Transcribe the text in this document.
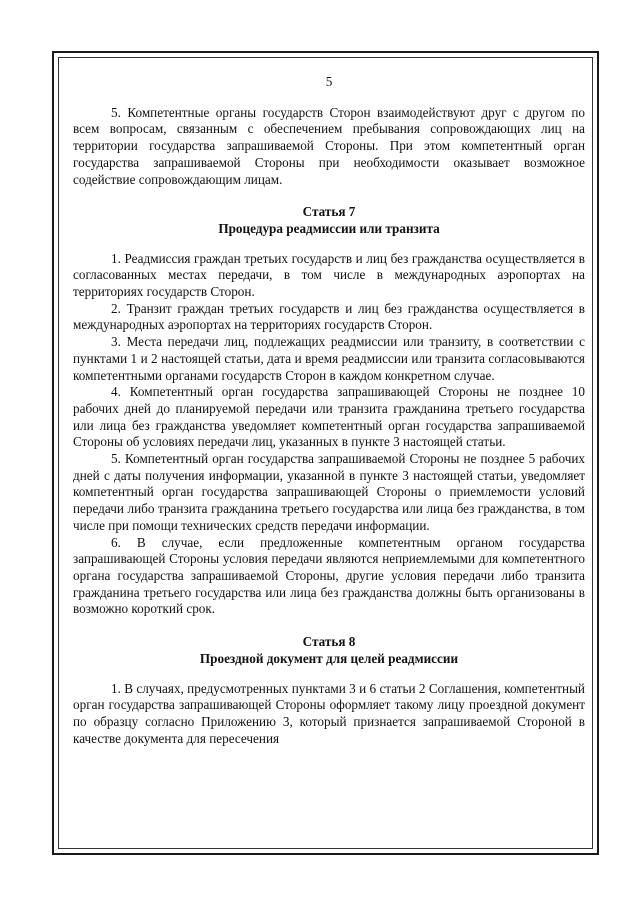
5

5. Компетентные органы государств Сторон взаимодействуют друг с другом по всем вопросам, связанным с обеспечением пребывания сопровождающих лиц на территории государства запрашиваемой Стороны. При этом компетентный орган государства запрашиваемой Стороны при необходимости оказывает возможное содействие сопровождающим лицам.

Статья 7

Процедура реадмиссии или транзита

1. Реадмиссия граждан третьих государств и лиц без гражданства осуществляется в согласованных местах передачи, в том числе в международных аэропортах на территориях государств Сторон.

2. Транзит граждан третьих государств и лиц без гражданства осуществляется в международных аэропортах на территориях государств Сторон.

3. Места передачи лиц, подлежащих реадмиссии или транзиту, в соответствии с пунктами 1 и 2 настоящей статьи, дата и время реадмиссии или транзита согласовываются компетентными органами государств Сторон в каждом конкретном случае.

4. Компетентный орган государства запрашивающей Стороны не позднее 10 рабочих дней до планируемой передачи или транзита гражданина третьего государства или лица без гражданства уведомляет компетентный орган государства запрашиваемой Стороны об условиях передачи лиц, указанных в пункте 3 настоящей статьи.

5. Компетентный орган государства запрашиваемой Стороны не позднее 5 рабочих дней с даты получения информации, указанной в пункте 3 настоящей статьи, уведомляет компетентный орган государства запрашивающей Стороны о приемлемости условий передачи либо транзита гражданина третьего государства или лица без гражданства, в том числе при помощи технических средств передачи информации.

6. В случае, если предложенные компетентным органом государства запрашивающей Стороны условия передачи являются неприемлемыми для компетентного органа государства запрашиваемой Стороны, другие условия передачи либо транзита гражданина третьего государства или лица без гражданства должны быть организованы в возможно короткий срок.

Статья 8

Проездной документ для целей реадмиссии

1. В случаях, предусмотренных пунктами 3 и 6 статьи 2 Соглашения, компетентный орган государства запрашивающей Стороны оформляет такому лицу проездной документ по образцу согласно Приложению 3, который признается запрашиваемой Стороной в качестве документа для пересечения
